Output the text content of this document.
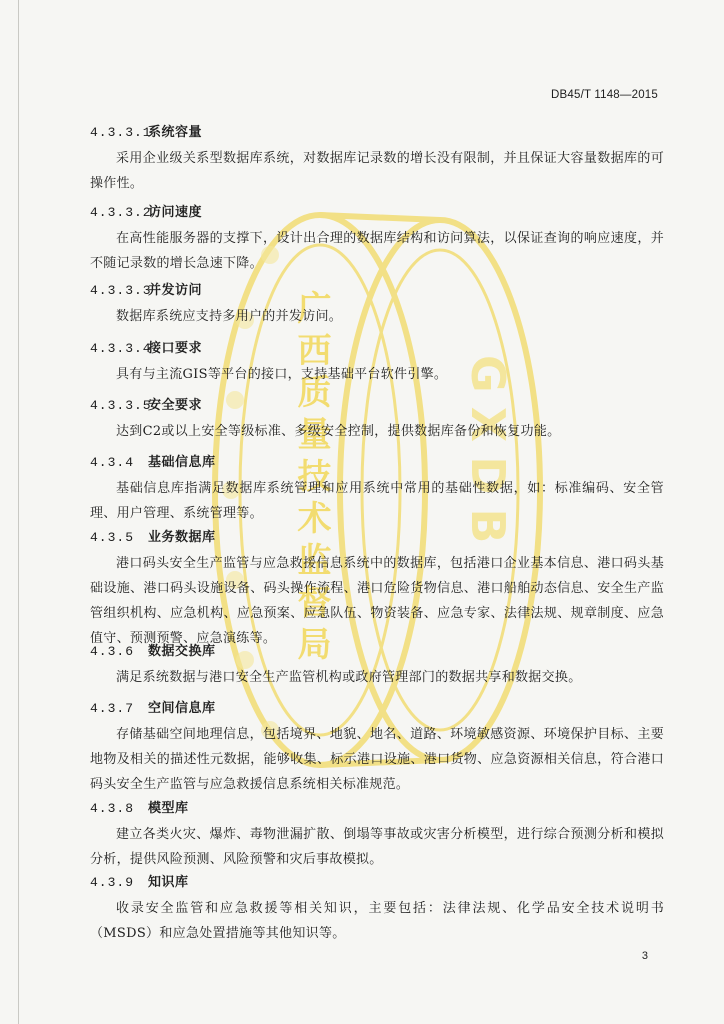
DB45/T 1148—2015
广西质量技术监督局	GXDB
4.3.3.1系统容量
采用企业级关系型数据库系统，对数据库记录数的增长没有限制，并且保证大容量数据库的可操作性。
4.3.3.2访问速度
在高性能服务器的支撑下，设计出合理的数据库结构和访问算法，以保证查询的响应速度，并不随记录数的增长急速下降。
4.3.3.3并发访问
数据库系统应支持多用户的并发访问。
4.3.3.4接口要求
具有与主流GIS等平台的接口，支持基础平台软件引擎。
4.3.3.5安全要求
达到C2或以上安全等级标准、多级安全控制，提供数据库备份和恢复功能。
4.3.4 基础信息库
基础信息库指满足数据库系统管理和应用系统中常用的基础性数据，如：标准编码、安全管理、用户管理、系统管理等。
4.3.5 业务数据库
港口码头安全生产监管与应急救援信息系统中的数据库，包括港口企业基本信息、港口码头基础设施、港口码头设施设备、码头操作流程、港口危险货物信息、港口船舶动态信息、安全生产监管组织机构、应急机构、应急预案、应急队伍、物资装备、应急专家、法律法规、规章制度、应急值守、预测预警、应急演练等。
4.3.6 数据交换库
满足系统数据与港口安全生产监管机构或政府管理部门的数据共享和数据交换。
4.3.7 空间信息库
存储基础空间地理信息，包括境界、地貌、地名、道路、环境敏感资源、环境保护目标、主要地物及相关的描述性元数据，能够收集、标示港口设施、港口货物、应急资源相关信息，符合港口码头安全生产监管与应急救援信息系统相关标准规范。
4.3.8 模型库
建立各类火灾、爆炸、毒物泄漏扩散、倒塌等事故或灾害分析模型，进行综合预测分析和模拟分析，提供风险预测、风险预警和灾后事故模拟。
4.3.9 知识库
收录安全监管和应急救援等相关知识，主要包括：法律法规、化学品安全技术说明书（MSDS）和应急处置措施等其他知识等。
3
